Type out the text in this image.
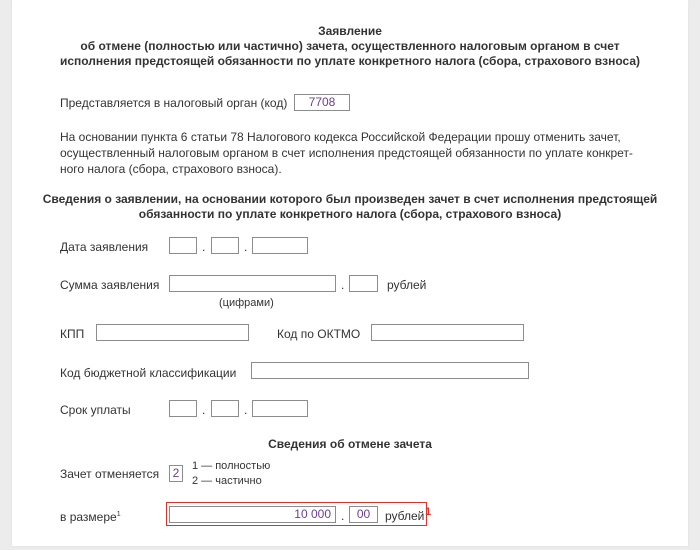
Заявление
об отмене (полностью или частично) зачета, осуществленного налоговым органом в счет
исполнения предстоящей обязанности по уплате конкретного налога (сбора, страхового взноса)
Представляется в налоговый орган (код)	7708
На основании пункта 6 статьи 78 Налогового кодекса Российской Федерации прошу отменить зачет,
осуществленный налоговым органом в счет исполнения предстоящей обязанности по уплате конкрет-
ного налога (сбора, страхового взноса).
Сведения о заявлении, на основании которого был произведен зачет в счет исполнения предстоящей
обязанности по уплате конкретного налога (сбора, страхового взноса)
Дата заявления	.	.
Сумма заявления	.	рублей
(цифрами)
КПП	Код по ОКТМО
Код бюджетной классификации
Срок уплаты	.	.
Сведения об отмене зачета
Зачет отменяется	2	1 — полностью
2 — частично
в размере$^1$	10 000 .	00	рублей 1
